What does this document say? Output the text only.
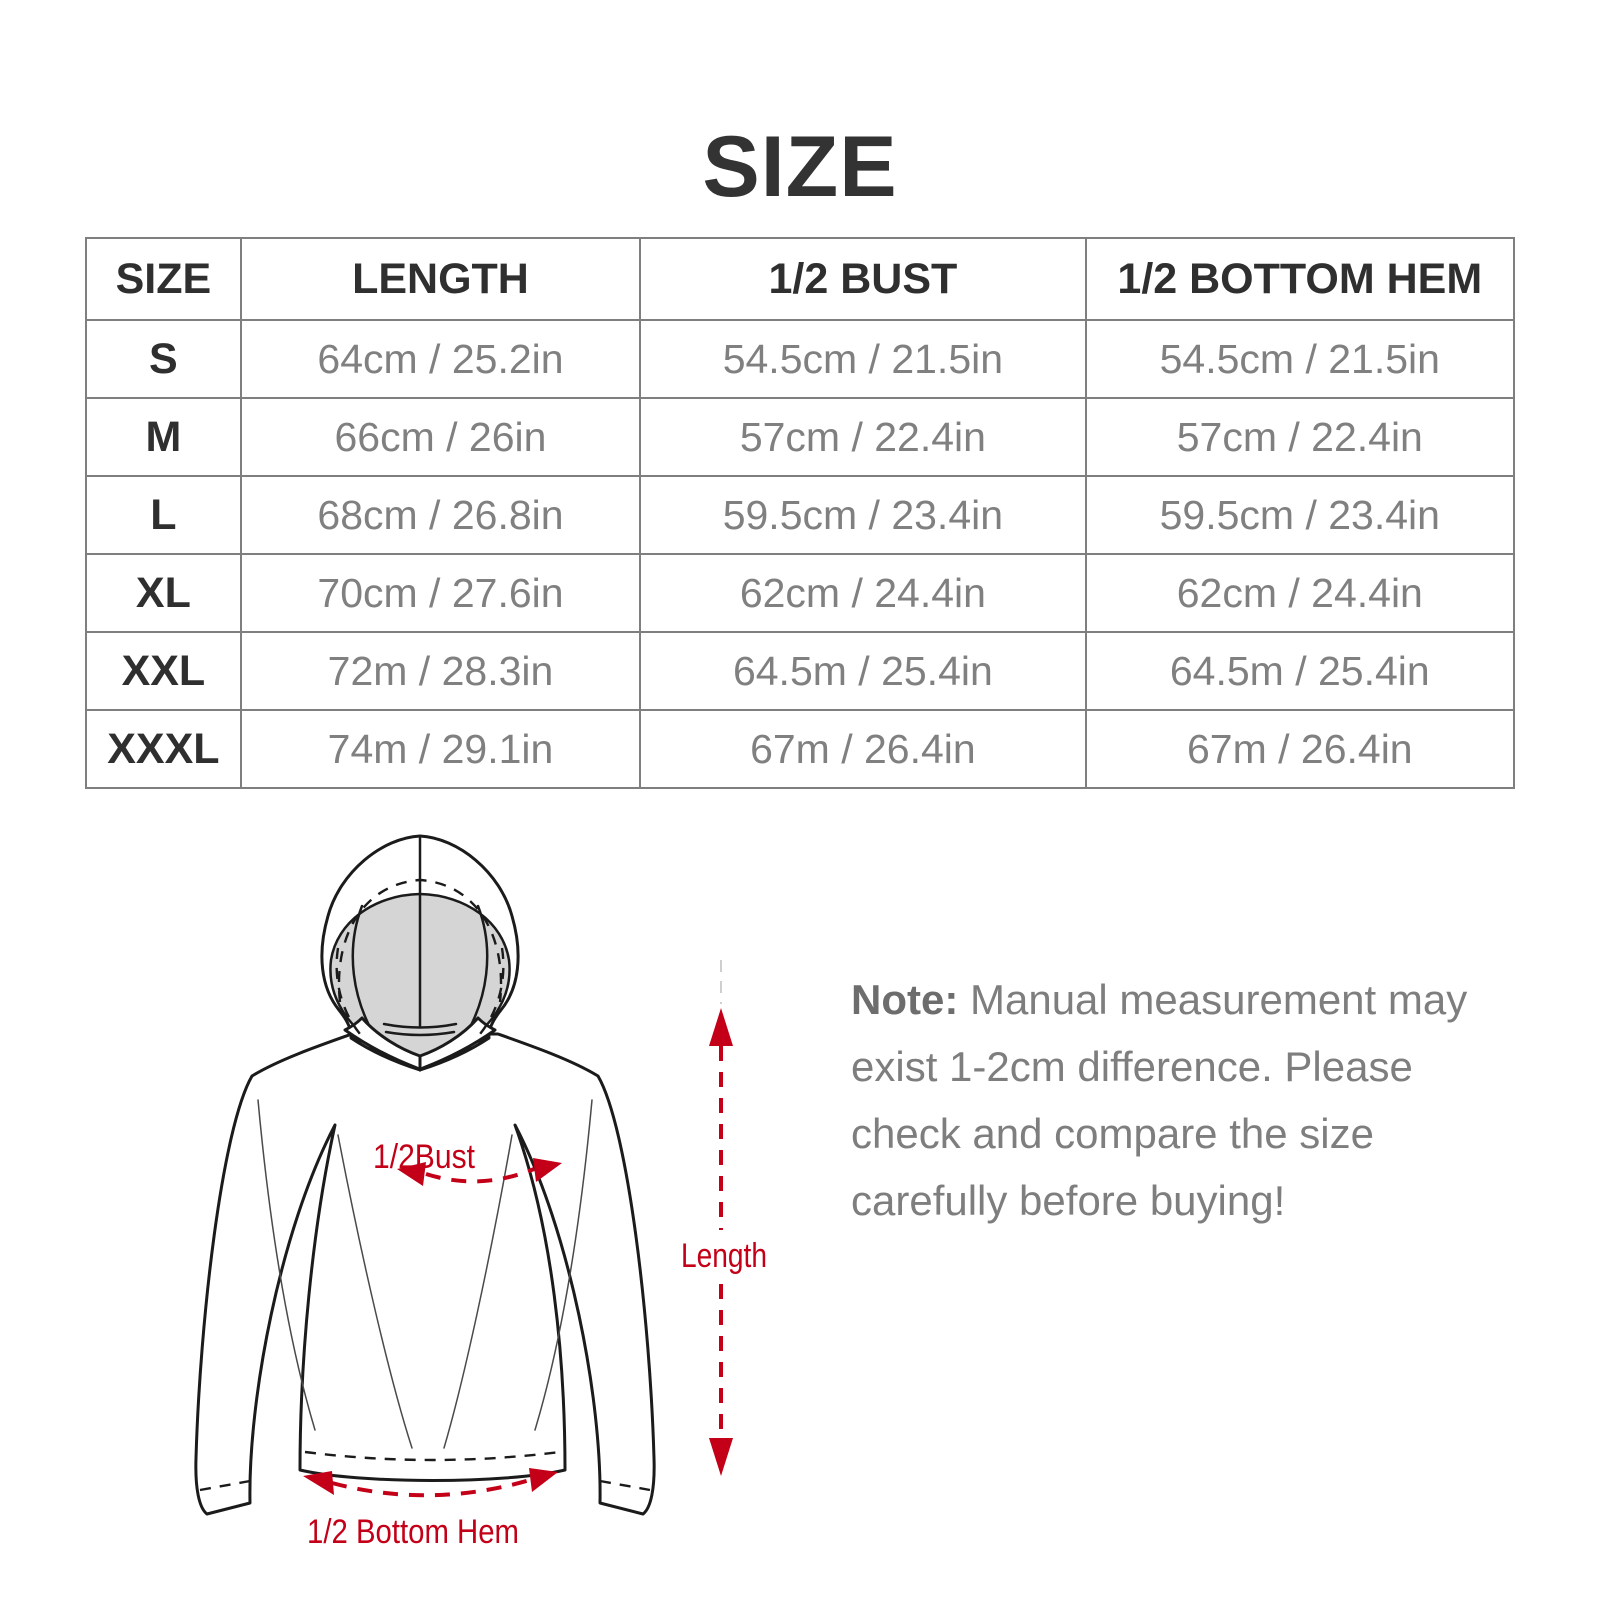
SIZE
SIZE	LENGTH	1/2 BUST	1/2 BOTTOM HEM
S	64cm / 25.2in	54.5cm / 21.5in	54.5cm / 21.5in
M	66cm / 26in	57cm / 22.4in	57cm / 22.4in
L	68cm / 26.8in	59.5cm / 23.4in	59.5cm / 23.4in
XL	70cm / 27.6in	62cm / 24.4in	62cm / 24.4in
XXL	72m / 28.3in	64.5m / 25.4in	64.5m / 25.4in
XXXL	74m / 29.1in	67m / 26.4in	67m / 26.4in
1/2Bust
Length
1/2 Bottom Hem

Note: Manual measurement may exist 1-2cm difference. Please check and compare the size carefully before buying!
